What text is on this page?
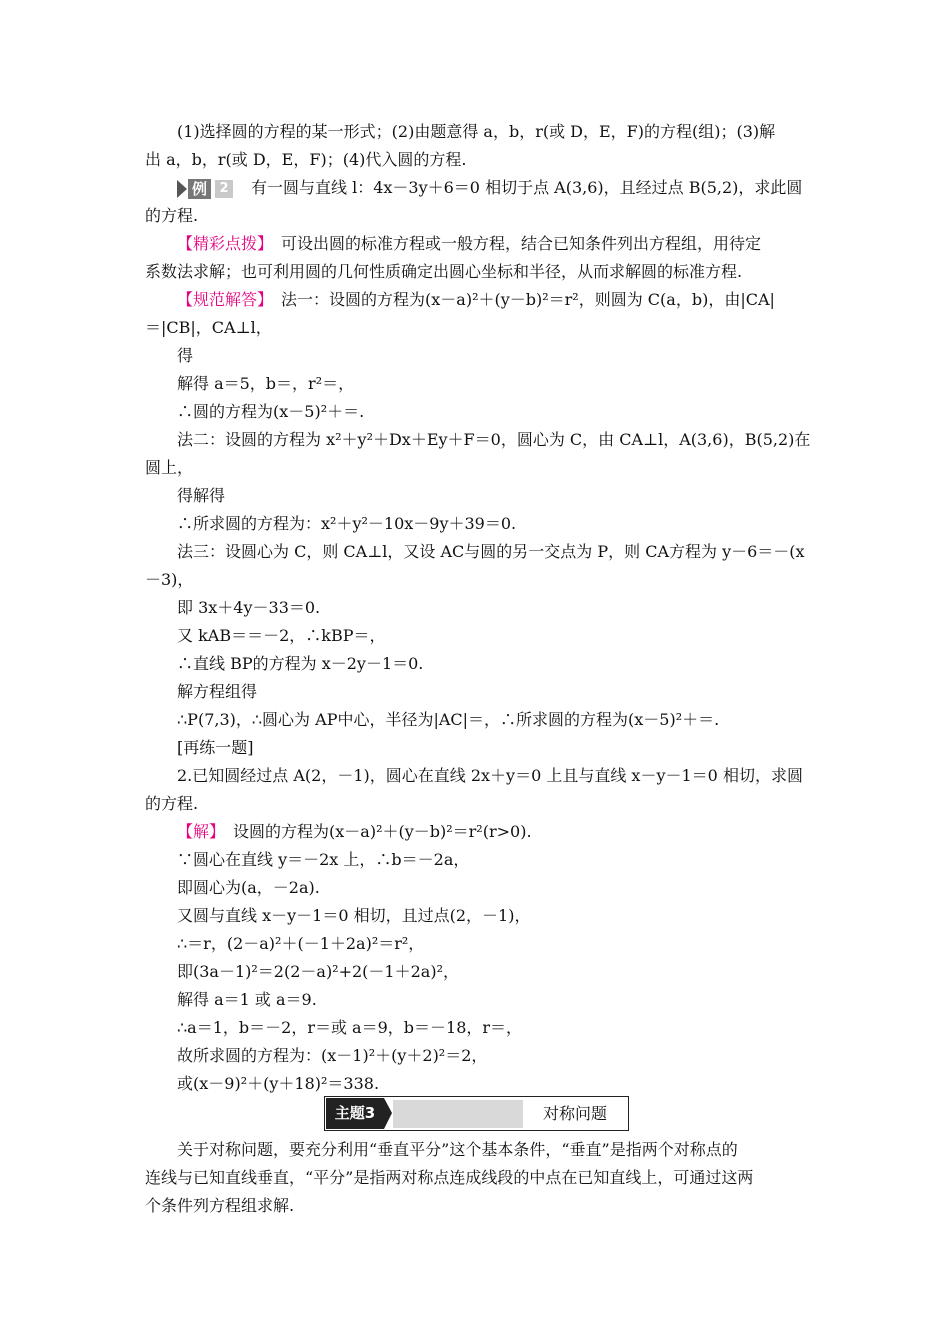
(1)选择圆的方程的某一形式；(2)由题意得 a，b，r(或 D，E，F)的方程(组)；(3)解
出 a，b，r(或 D，E，F)；(4)代入圆的方程.
例 2 有一圆与直线 l：4x－3y＋6＝0 相切于点 A(3,6)，且经过点 B(5,2)，求此圆
的方程.
【精彩点拨】　可设出圆的标准方程或一般方程，结合已知条件列出方程组，用待定
系数法求解；也可利用圆的几何性质确定出圆心坐标和半径，从而求解圆的标准方程.
【规范解答】　法一：设圆的方程为(x－a)²＋(y－b)²＝r²，则圆为 C(a，b)，由|CA|
＝|CB|，CA⊥l，
得
解得 a＝5，b＝，r²＝，
∴圆的方程为(x－5)²＋＝.
法二：设圆的方程为 x²＋y²＋Dx＋Ey＋F＝0，圆心为 C，由 CA⊥l，A(3,6)，B(5,2)在
圆上，
得解得
∴所求圆的方程为：x²＋y²－10x－9y＋39＝0.
法三：设圆心为 C，则 CA⊥l，又设 AC与圆的另一交点为 P，则 CA方程为 y－6＝－(x
－3)，
即 3x＋4y－33＝0.
又 kAB＝＝－2，∴kBP＝，
∴直线 BP的方程为 x－2y－1＝0.
解方程组得
∴P(7,3)，∴圆心为 AP中心，半径为|AC|＝，∴所求圆的方程为(x－5)²＋＝.
[再练一题]
2.已知圆经过点 A(2，－1)，圆心在直线 2x＋y＝0 上且与直线 x－y－1＝0 相切，求圆
的方程.
【解】　设圆的方程为(x－a)²＋(y－b)²＝r²(r>0).
∵圆心在直线 y＝－2x 上，∴b＝－2a，
即圆心为(a，－2a).
又圆与直线 x－y－1＝0 相切，且过点(2，－1)，
∴＝r，(2－a)²＋(－1＋2a)²＝r²，
即(3a－1)²＝2(2－a)²+2(－1＋2a)²，
解得 a＝1 或 a＝9.
∴a＝1，b＝－2，r＝或 a＝9，b＝－18，r＝，
故所求圆的方程为：(x－1)²＋(y＋2)²＝2，
或(x－9)²＋(y＋18)²＝338.
主题3	对称问题
关于对称问题，要充分利用“垂直平分”这个基本条件，“垂直”是指两个对称点的
连线与已知直线垂直，“平分”是指两对称点连成线段的中点在已知直线上，可通过这两
个条件列方程组求解.
